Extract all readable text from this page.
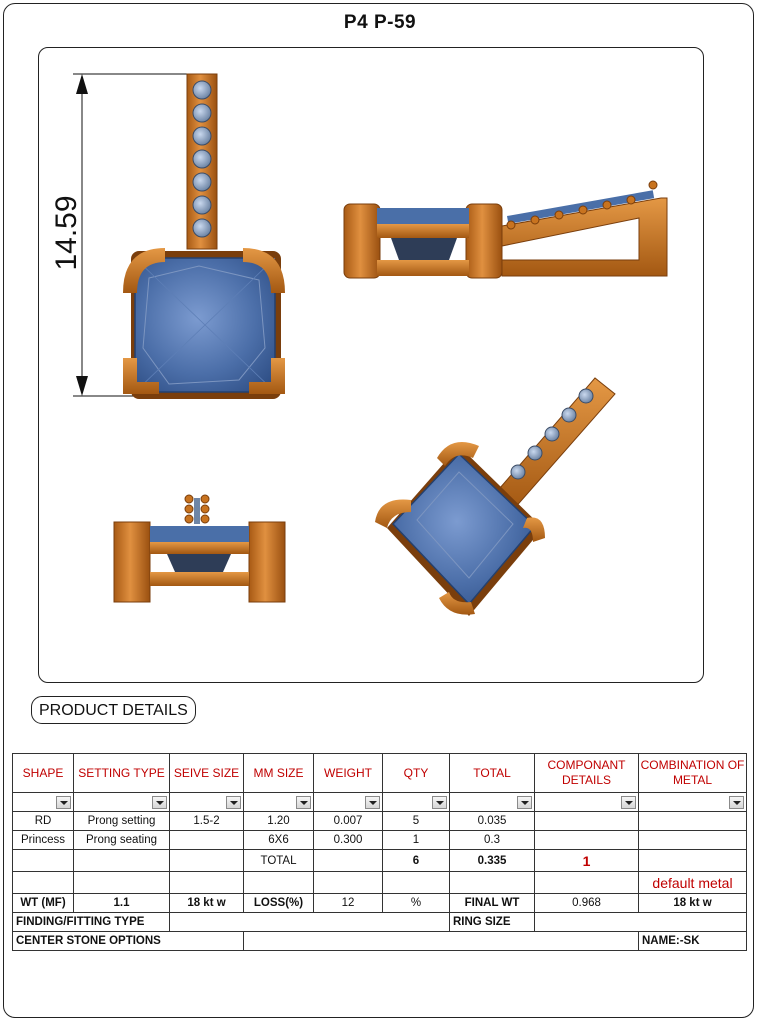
P4 P-59
14.59
PRODUCT DETAILS
SHAPE	SETTING TYPE	SEIVE SIZE	MM SIZE	WEIGHT	QTY	TOTAL	COMPONANT DETAILS	COMBINATION OF METAL

RD	Prong setting	1.5-2	1.20	0.007	5	0.035		
Princess	Prong seating		6X6	0.300	1	0.3		
			TOTAL		6	0.335	1	
								default metal
WT (MF)	1.1	18 kt w	LOSS(%)	12	%	FINAL WT	0.968	18 kt w
FINDING/FITTING TYPE						RING SIZE		
CENTER STONE OPTIONS								NAME:-SK
